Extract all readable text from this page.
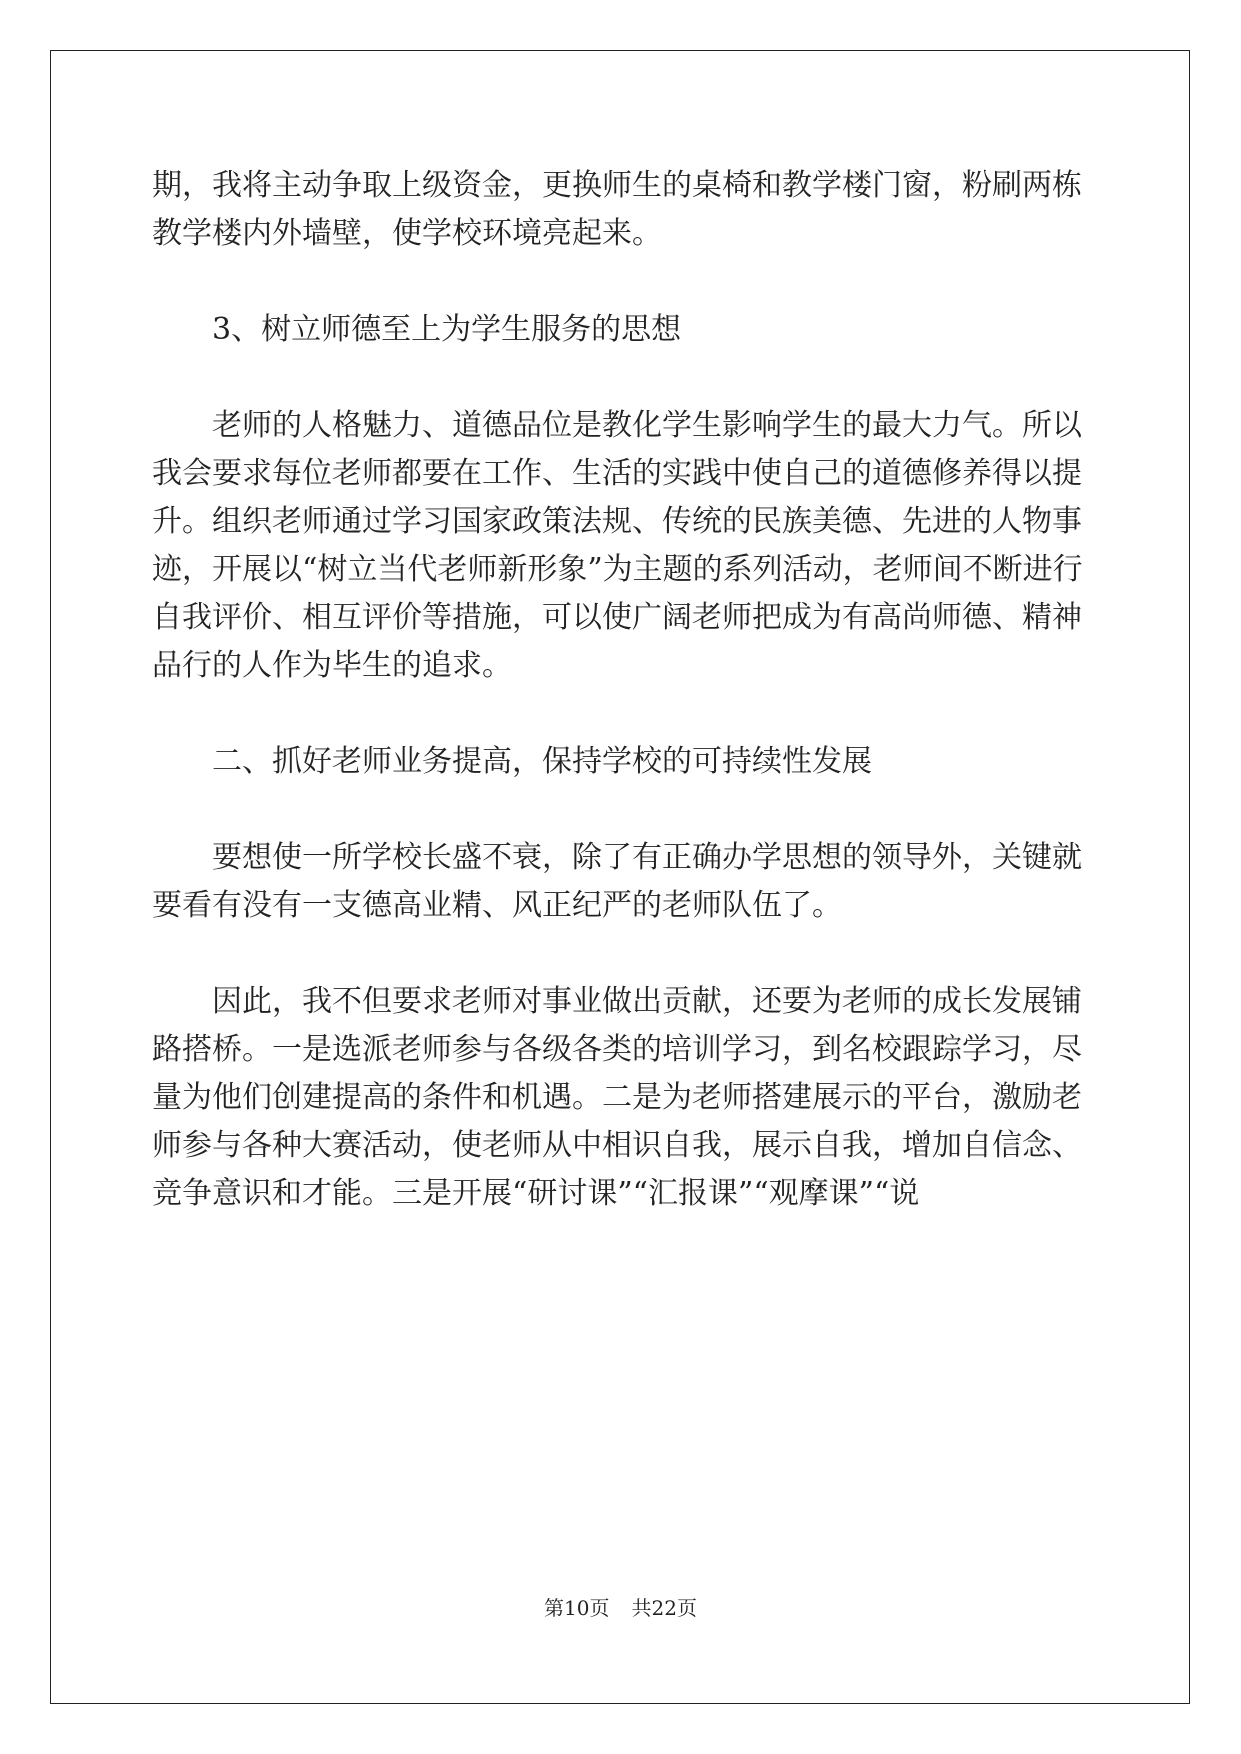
期，我将主动争取上级资金，更换师生的桌椅和教学楼门窗，粉刷两栋教学楼内外墙壁，使学校环境亮起来。

3、树立师德至上为学生服务的思想

老师的人格魅力、道德品位是教化学生影响学生的最大力气。所以我会要求每位老师都要在工作、生活的实践中使自己的道德修养得以提升。组织老师通过学习国家政策法规、传统的民族美德、先进的人物事迹，开展以“树立当代老师新形象”为主题的系列活动，老师间不断进行自我评价、相互评价等措施，可以使广阔老师把成为有高尚师德、精神品行的人作为毕生的追求。

二、抓好老师业务提高，保持学校的可持续性发展

要想使一所学校长盛不衰，除了有正确办学思想的领导外，关键就要看有没有一支德高业精、风正纪严的老师队伍了。

因此，我不但要求老师对事业做出贡献，还要为老师的成长发展铺路搭桥。一是选派老师参与各级各类的培训学习，到名校跟踪学习，尽量为他们创建提高的条件和机遇。二是为老师搭建展示的平台，激励老师参与各种大赛活动，使老师从中相识自我，展示自我，增加自信念、竞争意识和才能。三是开展“研讨课”“汇报课”“观摩课”“说

第10页 共22页
